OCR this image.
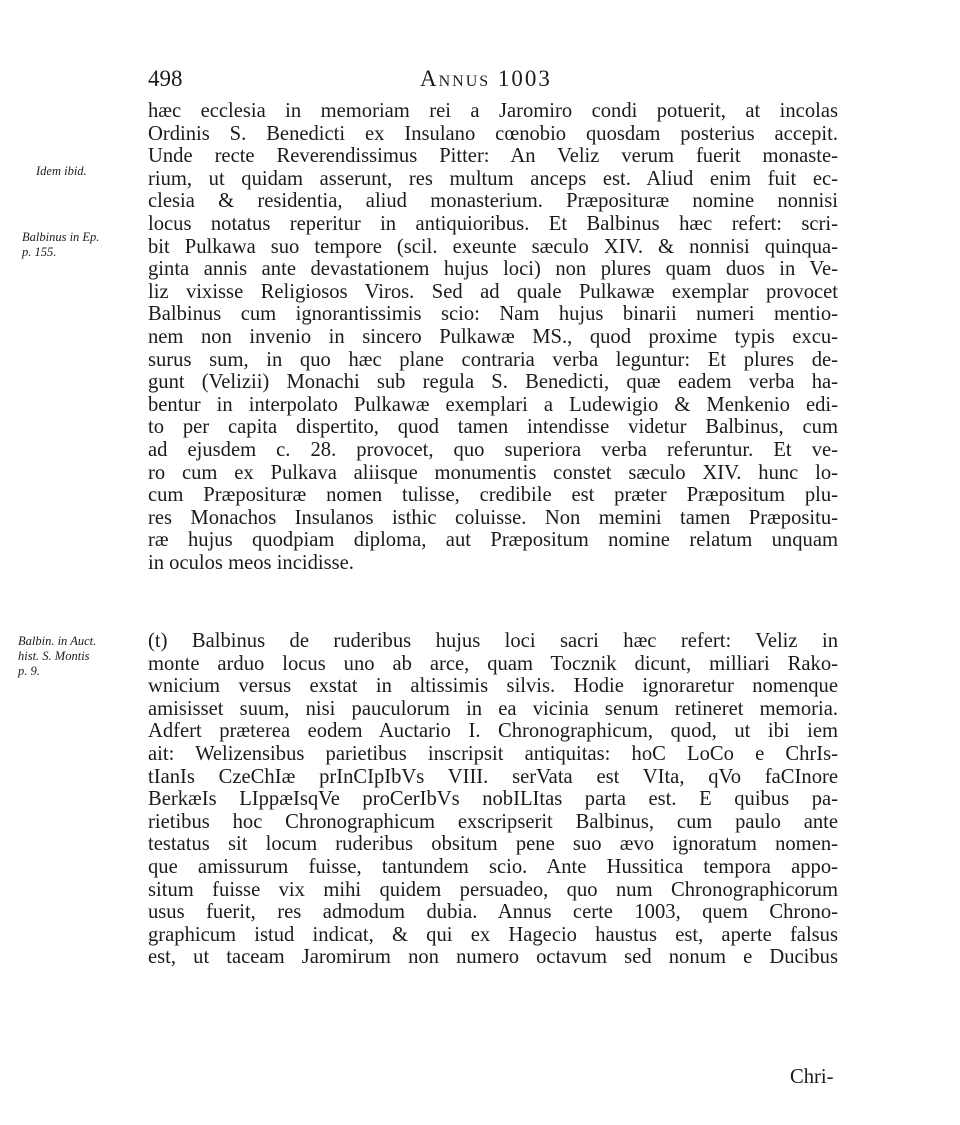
498	Annus 1003
Idem ibid.
Balbinus in Ep.
p. 155.
Balbin. in Auct.
hist. S. Montis
p. 9.
hæc ecclesia in memoriam rei a Jaromiro condi potuerit, at incolas
Ordinis S. Benedicti ex Insulano cœnobio quosdam posterius accepit.
Unde recte Reverendissimus Pitter: An Veliz verum fuerit monaste-
rium, ut quidam asserunt, res multum anceps est. Aliud enim fuit ec-
clesia & residentia, aliud monasterium. Præposituræ nomine nonnisi
locus notatus reperitur in antiquioribus. Et Balbinus hæc refert: scri-
bit Pulkawa suo tempore (scil. exeunte sæculo XIV. & nonnisi quinqua-
ginta annis ante devastationem hujus loci) non plures quam duos in Ve-
liz vixisse Religiosos Viros. Sed ad quale Pulkawæ exemplar provocet
Balbinus cum ignorantissimis scio: Nam hujus binarii numeri mentio-
nem non invenio in sincero Pulkawæ MS., quod proxime typis excu-
surus sum, in quo hæc plane contraria verba leguntur: Et plures de-
gunt (Velizii) Monachi sub regula S. Benedicti, quæ eadem verba ha-
bentur in interpolato Pulkawæ exemplari a Ludewigio & Menkenio edi-
to per capita dispertito, quod tamen intendisse videtur Balbinus, cum
ad ejusdem c. 28. provocet, quo superiora verba referuntur. Et ve-
ro cum ex Pulkava aliisque monumentis constet sæculo XIV. hunc lo-
cum Præposituræ nomen tulisse, credibile est præter Præpositum plu-
res Monachos Insulanos isthic coluisse. Non memini tamen Præpositu-
ræ hujus quodpiam diploma, aut Præpositum nomine relatum unquam
in oculos meos incidisse.
(t) Balbinus de ruderibus hujus loci sacri hæc refert: Veliz in
monte arduo locus uno ab arce, quam Tocznik dicunt, milliari Rako-
wnicium versus exstat in altissimis silvis. Hodie ignoraretur nomenque
amisisset suum, nisi pauculorum in ea vicinia senum retineret memoria.
Adfert prætereа eodem Auctario I. Chronographicum, quod, ut ibi iem
ait: Welizensibus parietibus inscripsit antiquitas: hoC LoCo e ChrIs-
tIanIs CzeChIæ prInCIpIbVs VIII. serVata est VIta, qVo faCInore
BerkæIs LIppæIsqVe proCerIbVs nobILItas parta est. E quibus pa-
rietibus hoc Chronographicum exscripserit Balbinus, cum paulo ante
testatus sit locum ruderibus obsitum pene suo ævo ignoratum nomen-
que amissurum fuisse, tantundem scio. Ante Hussitica tempora appo-
situm fuisse vix mihi quidem persuadeo, quo num Chronographicorum
usus fuerit, res admodum dubia. Annus certe 1003, quem Chrono-
graphicum istud indicat, & qui ex Hagecio haustus est, aperte falsus
est, ut taceam Jaromirum non numero octavum sed nonum e Ducibus
Chri-
